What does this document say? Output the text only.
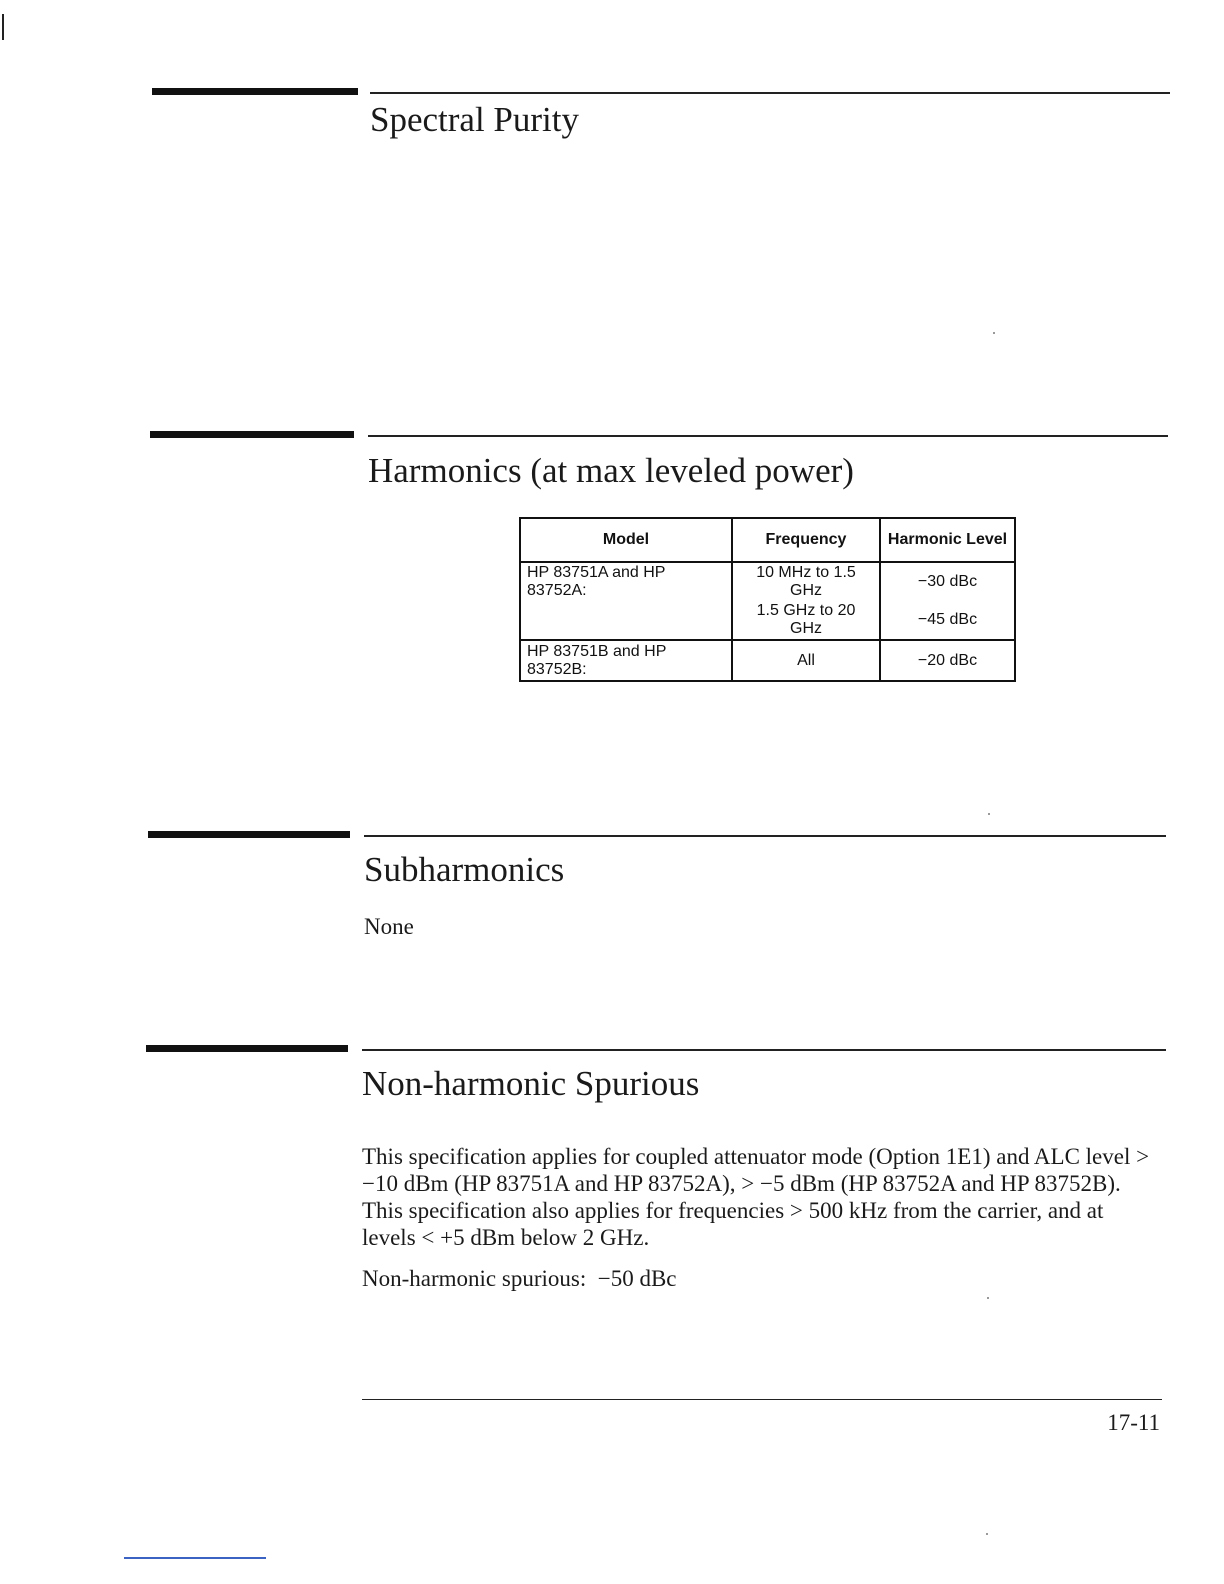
Spectral Purity
Harmonics (at max leveled power)
Model	Frequency	Harmonic Level
HP 83751A and HP 83752A:	10 MHz to 1.5 GHz	−30 dBc
	1.5 GHz to 20 GHz	−45 dBc
HP 83751B and HP 83752B:	All	−20 dBc
Subharmonics

None

Non-harmonic Spurious

This specification applies for coupled attenuator mode (Option 1E1) and ALC level > −10 dBm (HP 83751A and HP 83752A), > −5 dBm (HP 83752A and HP 83752B). This specification also applies for frequencies > 500 kHz from the carrier, and at levels < +5 dBm below 2 GHz.

Non-harmonic spurious:  −50 dBc

17-11
